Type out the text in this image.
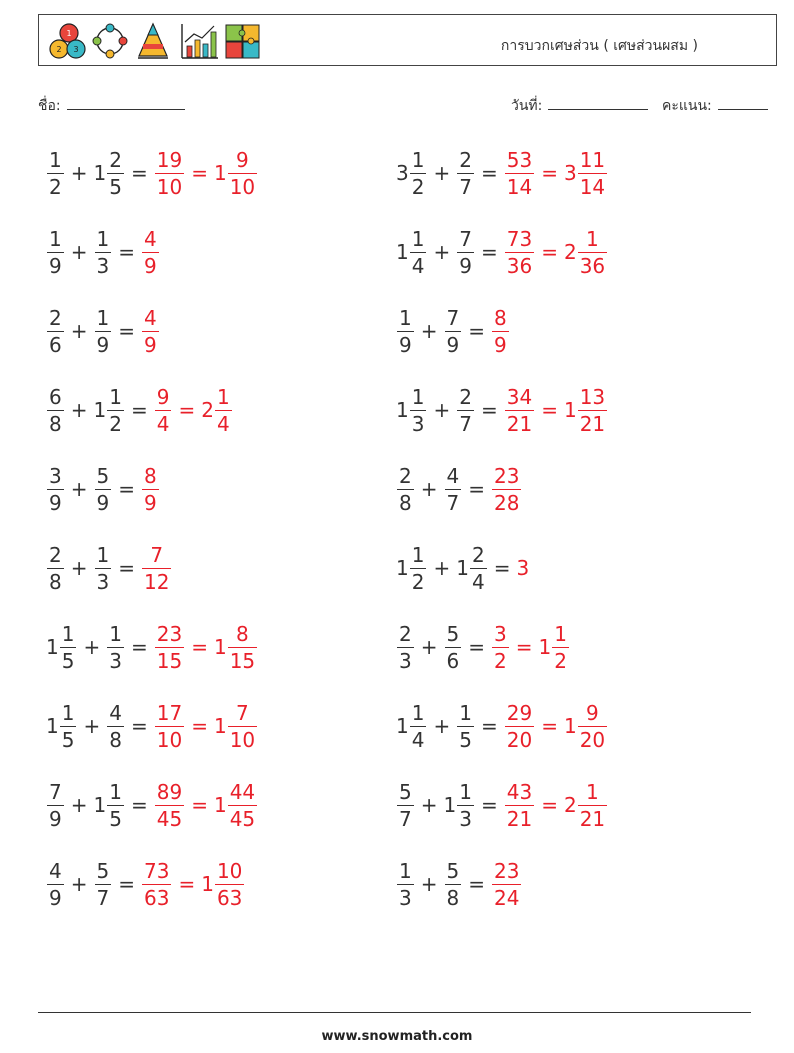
1
2 3	การบวกเศษส่วน ( เศษส่วนผสม )
ชื่อ:	วันที่:	คะแนน:
$\frac{1}{2} + 1 \frac{2}{5} = \frac{19}{10} = 1 \frac{9}{10}$	$3 \frac{1}{2} + \frac{2}{7} = \frac{53}{14} = 3 \frac{11}{14}$
$\frac{1}{9} + \frac{1}{3} = \frac{4}{9}$	$1 \frac{1}{4} + \frac{7}{9} = \frac{73}{36} = 2 \frac{1}{36}$
$\frac{2}{6} + \frac{1}{9} = \frac{4}{9}$	$\frac{1}{9} + \frac{7}{9} = \frac{8}{9}$
$\frac{6}{8} + 1 \frac{1}{2} = \frac{9}{4} = 2 \frac{1}{4}$	$1 \frac{1}{3} + \frac{2}{7} = \frac{34}{21} = 1 \frac{13}{21}$
$\frac{3}{9} + \frac{5}{9} = \frac{8}{9}$	$\frac{2}{8} + \frac{4}{7} = \frac{23}{28}$
$\frac{2}{8} + \frac{1}{3} = \frac{7}{12}$	$1 \frac{1}{2} + 1 \frac{2}{4} = 3$
$1 \frac{1}{5} + \frac{1}{3} = \frac{23}{15} = 1 \frac{8}{15}$	$\frac{2}{3} + \frac{5}{6} = \frac{3}{2} = 1 \frac{1}{2}$
$1 \frac{1}{5} + \frac{4}{8} = \frac{17}{10} = 1 \frac{7}{10}$	$1 \frac{1}{4} + \frac{1}{5} = \frac{29}{20} = 1 \frac{9}{20}$
$\frac{7}{9} + 1 \frac{1}{5} = \frac{89}{45} = 1 \frac{44}{45}$	$\frac{5}{7} + 1 \frac{1}{3} = \frac{43}{21} = 2 \frac{1}{21}$
$\frac{4}{9} + \frac{5}{7} = \frac{73}{63} = 1 \frac{10}{63}$	$\frac{1}{3} + \frac{5}{8} = \frac{23}{24}$
www.snowmath.com
